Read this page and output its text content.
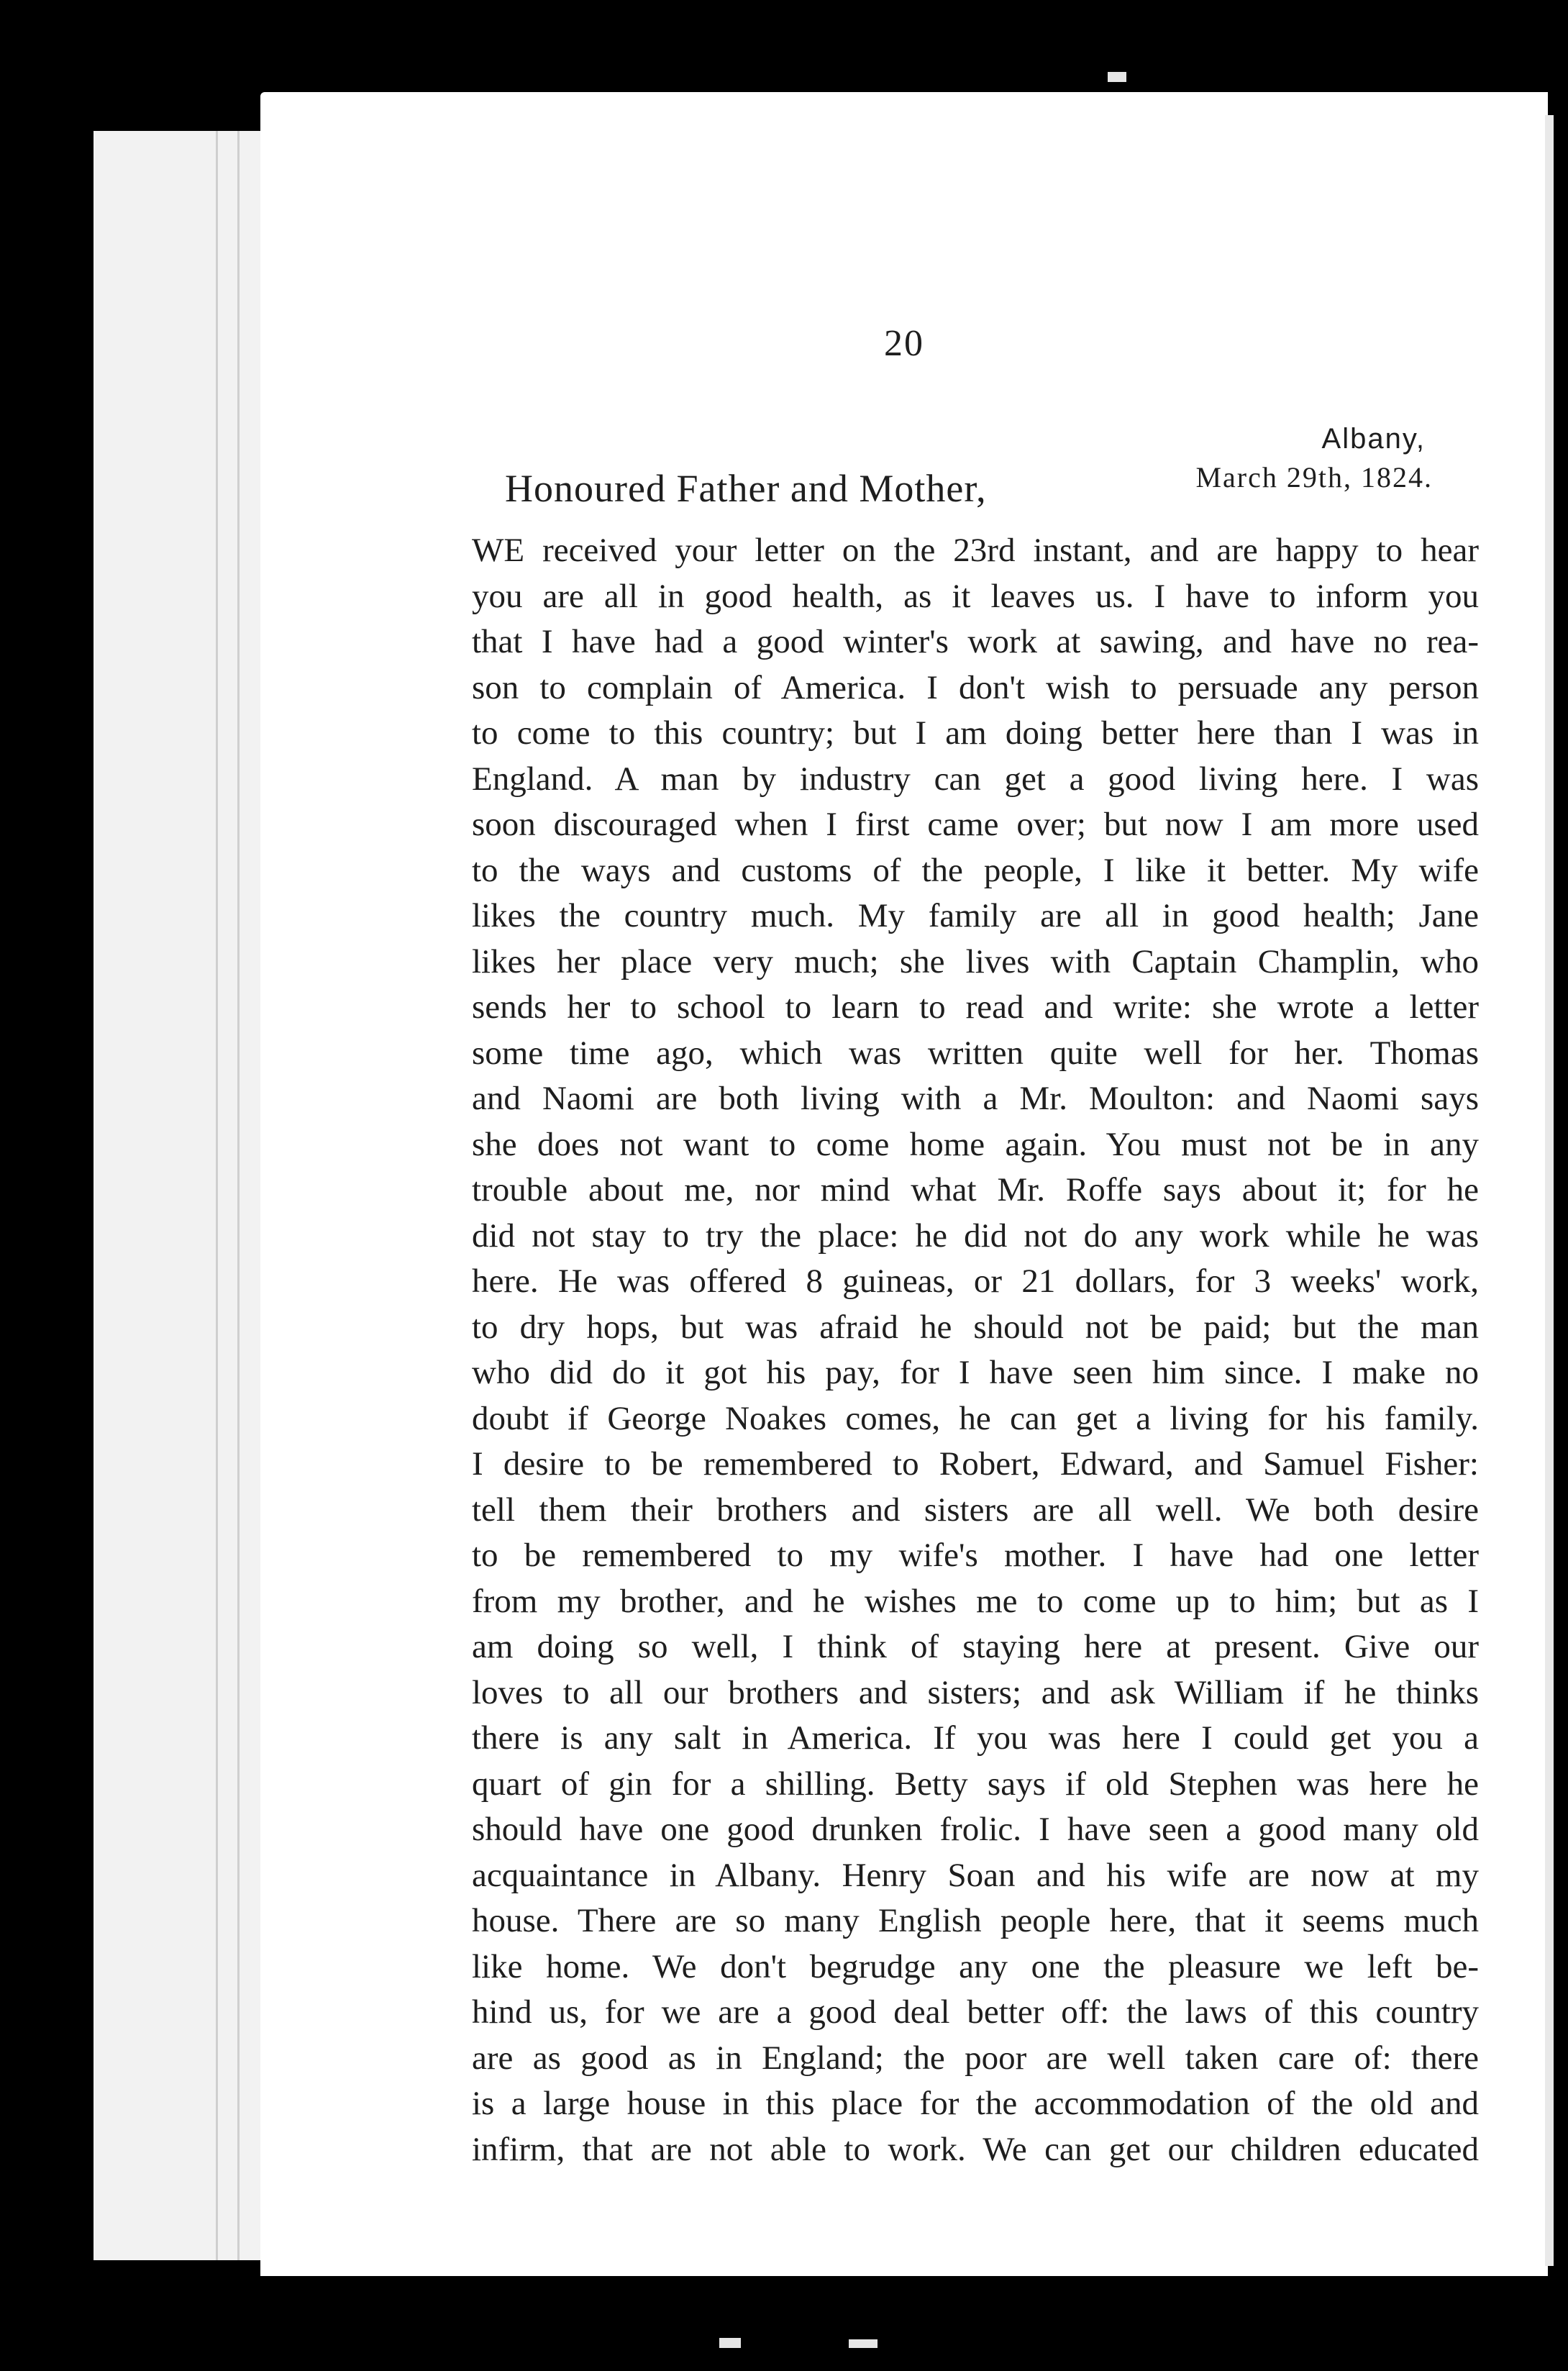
20
Albany,
March 29th, 1824.
Honoured Father and Mother,
WE received your letter on the 23rd instant, and are happy to hear
you are all in good health, as it leaves us. I have to inform you
that I have had a good winter's work at sawing, and have no rea-
son to complain of America. I don't wish to persuade any person
to come to this country; but I am doing better here than I was in
England. A man by industry can get a good living here. I was
soon discouraged when I first came over; but now I am more used
to the ways and customs of the people, I like it better. My wife
likes the country much. My family are all in good health; Jane
likes her place very much; she lives with Captain Champlin, who
sends her to school to learn to read and write: she wrote a letter
some time ago, which was written quite well for her. Thomas
and Naomi are both living with a Mr. Moulton: and Naomi says
she does not want to come home again. You must not be in any
trouble about me, nor mind what Mr. Roffe says about it; for he
did not stay to try the place: he did not do any work while he was
here. He was offered 8 guineas, or 21 dollars, for 3 weeks' work,
to dry hops, but was afraid he should not be paid; but the man
who did do it got his pay, for I have seen him since. I make no
doubt if George Noakes comes, he can get a living for his family.
I desire to be remembered to Robert, Edward, and Samuel Fisher:
tell them their brothers and sisters are all well. We both desire
to be remembered to my wife's mother. I have had one letter
from my brother, and he wishes me to come up to him; but as I
am doing so well, I think of staying here at present. Give our
loves to all our brothers and sisters; and ask William if he thinks
there is any salt in America. If you was here I could get you a
quart of gin for a shilling. Betty says if old Stephen was here he
should have one good drunken frolic. I have seen a good many old
acquaintance in Albany. Henry Soan and his wife are now at my
house. There are so many English people here, that it seems much
like home. We don't begrudge any one the pleasure we left be-
hind us, for we are a good deal better off: the laws of this country
are as good as in England; the poor are well taken care of: there
is a large house in this place for the accommodation of the old and
infirm, that are not able to work. We can get our children educated
